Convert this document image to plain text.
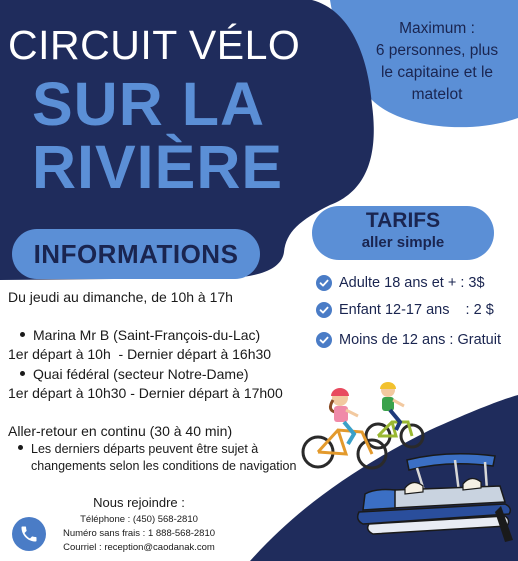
CIRCUIT VÉLO
SUR LA
RIVIÈRE
Maximum :
6 personnes, plus
le capitaine et le
matelot
INFORMATIONS
TARIFS
aller simple
Adulte 18 ans et + : 3$
Enfant 12-17 ans    : 2 $
Moins de 12 ans : Gratuit
Du jeudi au dimanche, de 10h à 17h
Marina Mr B (Saint-François-du-Lac)
1er départ à 10h  - Dernier départ à 16h30
Quai fédéral (secteur Notre-Dame)
1er départ à 10h30 - Dernier départ à 17h00
Aller-retour en continu (30 à 40 min)
Les derniers départs peuvent être sujet à
changements selon les conditions de navigation
Nous rejoindre :
Téléphone : (450) 568-2810
Numéro sans frais : 1 888-568-2810
Courriel : reception@caodanak.com
